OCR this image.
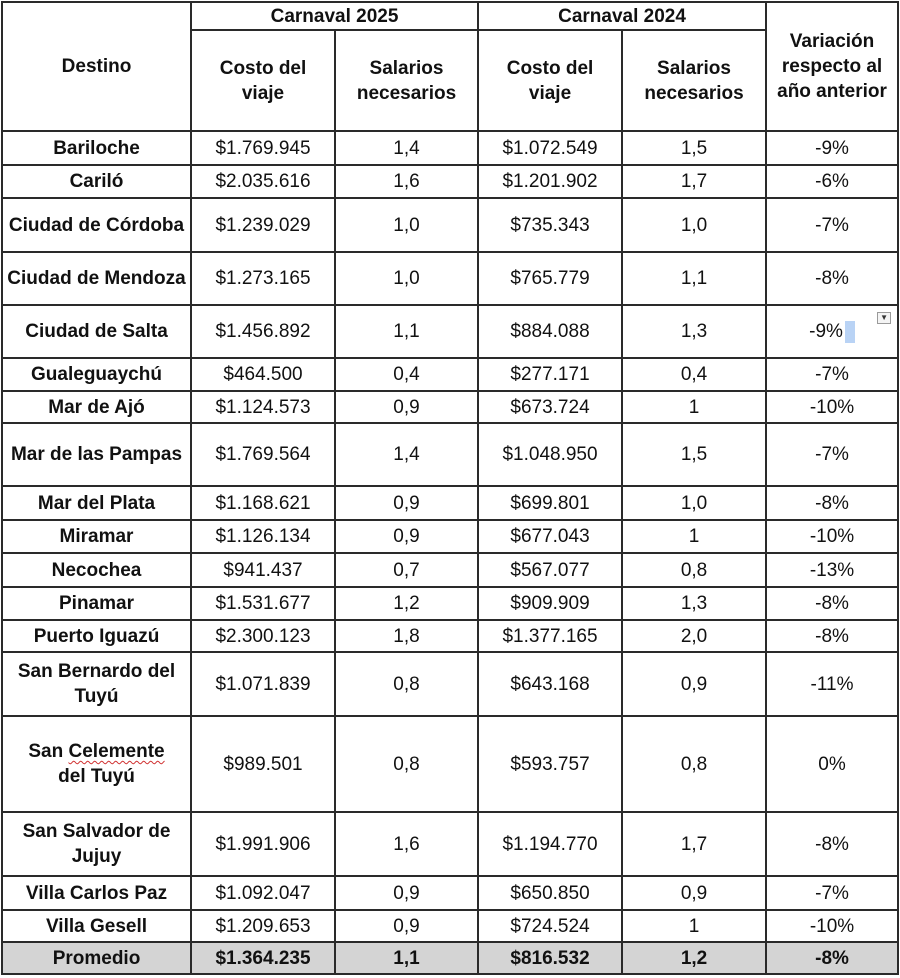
Destino	Carnaval 2025		Carnaval 2024		Variación respecto al año anterior
	Costo del viaje	Salarios necesarios	Costo del viaje	Salarios necesarios	
Bariloche	$1.769.945	1,4	$1.072.549	1,5	-9%
Cariló	$2.035.616	1,6	$1.201.902	1,7	-6%
Ciudad de Córdoba	$1.239.029	1,0	$735.343	1,0	-7%
Ciudad de Mendoza	$1.273.165	1,0	$765.779	1,1	-8%
Ciudad de Salta	$1.456.892	1,1	$884.088	1,3	-9%
▼

Gualeguaychú	$464.500	0,4	$277.171	0,4	-7%
Mar de Ajó	$1.124.573	0,9	$673.724	1	-10%
Mar de las Pampas	$1.769.564	1,4	$1.048.950	1,5	-7%
Mar del Plata	$1.168.621	0,9	$699.801	1,0	-8%
Miramar	$1.126.134	0,9	$677.043	1	-10%
Necochea	$941.437	0,7	$567.077	0,8	-13%
Pinamar	$1.531.677	1,2	$909.909	1,3	-8%
Puerto Iguazú	$2.300.123	1,8	$1.377.165	2,0	-8%
San Bernardo del Tuyú	$1.071.839	0,8	$643.168	0,9	-11%
San Celemente
del Tuyú	$989.501	0,8	$593.757	0,8	0%
San Salvador de Jujuy	$1.991.906	1,6	$1.194.770	1,7	-8%
Villa Carlos Paz	$1.092.047	0,9	$650.850	0,9	-7%
Villa Gesell	$1.209.653	0,9	$724.524	1	-10%
Promedio	$1.364.235	1,1	$816.532	1,2	-8%
